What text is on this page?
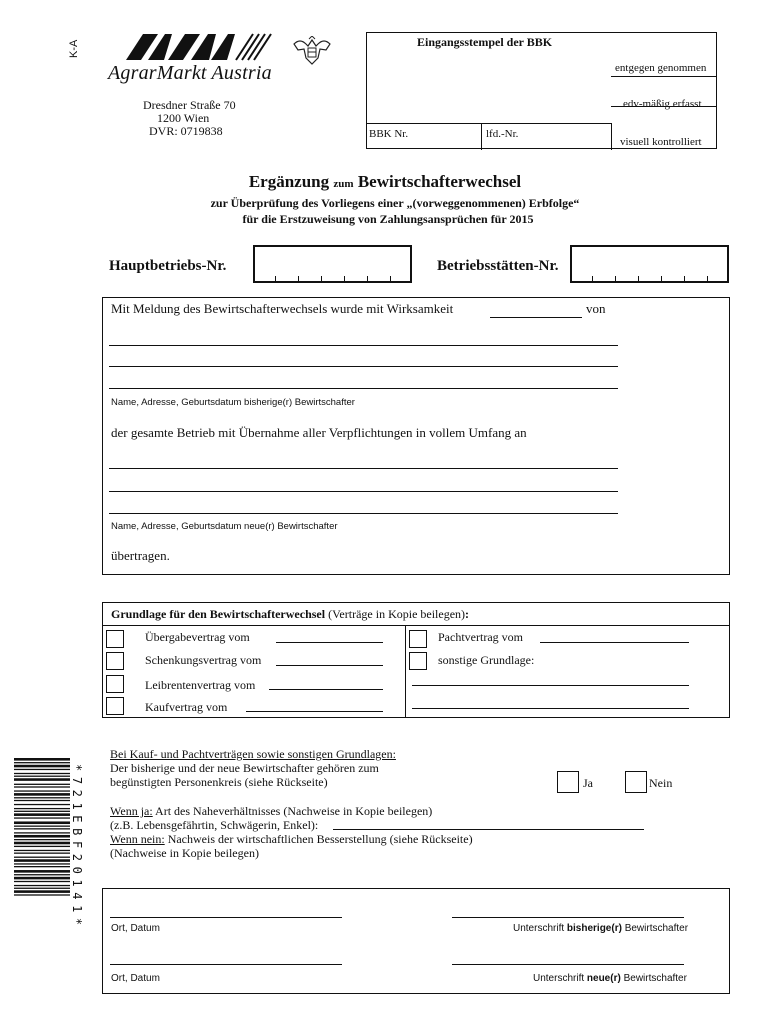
K-A
AgrarMarkt Austria
Dresdner Straße 70
1200 Wien
DVR: 0719838
Eingangsstempel der BBK
entgegen genommen
edv-mäßig erfasst
BBK Nr.	lfd.-Nr.
visuell kontrolliert
Ergänzung zum Bewirtschafterwechsel
zur Überprüfung des Vorliegens einer „(vorweggenommenen) Erbfolge“
für die Erstzuweisung von Zahlungsansprüchen für 2015
Hauptbetriebs-Nr.	Betriebsstätten-Nr.
Mit Meldung des Bewirtschafterwechsels wurde mit Wirksamkeit	von
Name, Adresse, Geburtsdatum bisherige(r) Bewirtschafter
der gesamte Betrieb mit Übernahme aller Verpflichtungen in vollem Umfang an
Name, Adresse, Geburtsdatum neue(r) Bewirtschafter
übertragen.
Grundlage für den Bewirtschafterwechsel (Verträge in Kopie beilegen):
Übergabevertrag vom
Schenkungsvertrag vom
Leibrentenvertrag vom
Kaufvertrag vom
Pachtvertrag vom
sonstige Grundlage:
Bei Kauf- und Pachtverträgen sowie sonstigen Grundlagen:
Der bisherige und der neue Bewirtschafter gehören zum
begünstigten Personenkreis (siehe Rückseite)	Ja	Nein
Wenn ja: Art des Naheverhältnisses (Nachweise in Kopie beilegen)
(z.B. Lebensgefährtin, Schwägerin, Enkel):
Wenn nein: Nachweis der wirtschaftlichen Besserstellung (siehe Rückseite)
(Nachweise in Kopie beilegen)
Ort, Datum	Unterschrift bisherige(r) Bewirtschafter
Ort, Datum	Unterschrift neue(r) Bewirtschafter
*721EBF20141*
